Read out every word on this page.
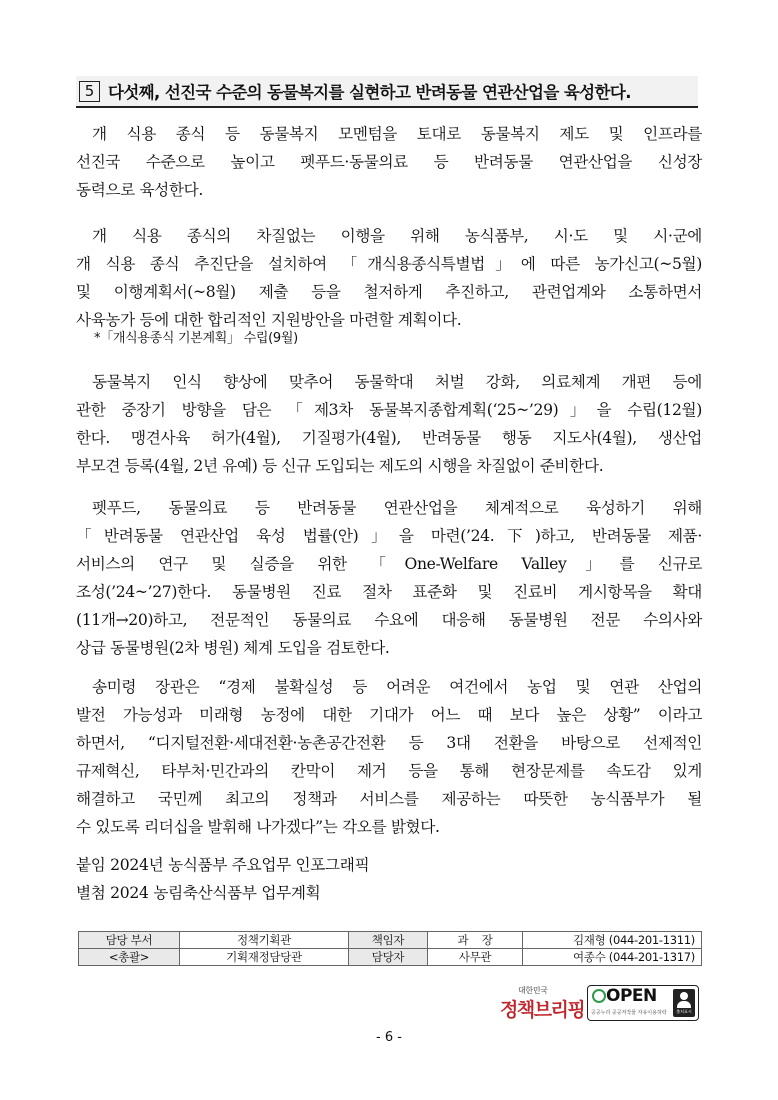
5 다섯째, 선진국 수준의 동물복지를 실현하고 반려동물 연관산업을 육성한다.
개 식용 종식 등 동물복지 모멘텀을 토대로 동물복지 제도 및 인프라를
선진국 수준으로 높이고 펫푸드·동물의료 등 반려동물 연관산업을 신성장
동력으로 육성한다.
개 식용 종식의 차질없는 이행을 위해 농식품부, 시·도 및 시·군에
개 식용 종식 추진단을 설치하여 「개식용종식특별법」에 따른 농가신고(~5월)
및 이행계획서(~8월) 제출 등을 철저하게 추진하고, 관련업계와 소통하면서
사육농가 등에 대한 합리적인 지원방안을 마련할 계획이다.
*「개식용종식 기본계획」 수립(9월)
동물복지 인식 향상에 맞추어 동물학대 처벌 강화, 의료체계 개편 등에
관한 중장기 방향을 담은 「제3차 동물복지종합계획(‘25~’29)」을 수립(12월)
한다. 맹견사육 허가(4월), 기질평가(4월), 반려동물 행동 지도사(4월), 생산업
부모견 등록(4월, 2년 유예) 등 신규 도입되는 제도의 시행을 차질없이 준비한다.
펫푸드, 동물의료 등 반려동물 연관산업을 체계적으로 육성하기 위해
「반려동물 연관산업 육성 법률(안)」을 마련(’24.下)하고, 반려동물 제품·
서비스의 연구 및 실증을 위한 「One-Welfare Valley」를 신규로
조성(’24~’27)한다. 동물병원 진료 절차 표준화 및 진료비 게시항목을 확대
(11개→20)하고, 전문적인 동물의료 수요에 대응해 동물병원 전문 수의사와
상급 동물병원(2차 병원) 체계 도입을 검토한다.
송미령 장관은 “경제 불확실성 등 어려운 여건에서 농업 및 연관 산업의
발전 가능성과 미래형 농정에 대한 기대가 어느 때 보다 높은 상황” 이라고
하면서, “디지털전환·세대전환·농촌공간전환 등 3대 전환을 바탕으로 선제적인
규제혁신, 타부처·민간과의 칸막이 제거 등을 통해 현장문제를 속도감 있게
해결하고 국민께 최고의 정책과 서비스를 제공하는 따뜻한 농식품부가 될
수 있도록 리더십을 발휘해 나가겠다”는 각오를 밝혔다.
붙임 2024년 농식품부 주요업무 인포그래픽
별첨 2024 농림축산식품부 업무계획
담당 부서	정책기획관	책임자	과    장	김재형 (044-201-1311)
<총괄>	기획재정담당관	담당자	사무관	여종수 (044-201-1317)
대한민국
정책브리핑
OPEN
공공누리 공공저작물 자유이용허락	출처표시
- 6 -
